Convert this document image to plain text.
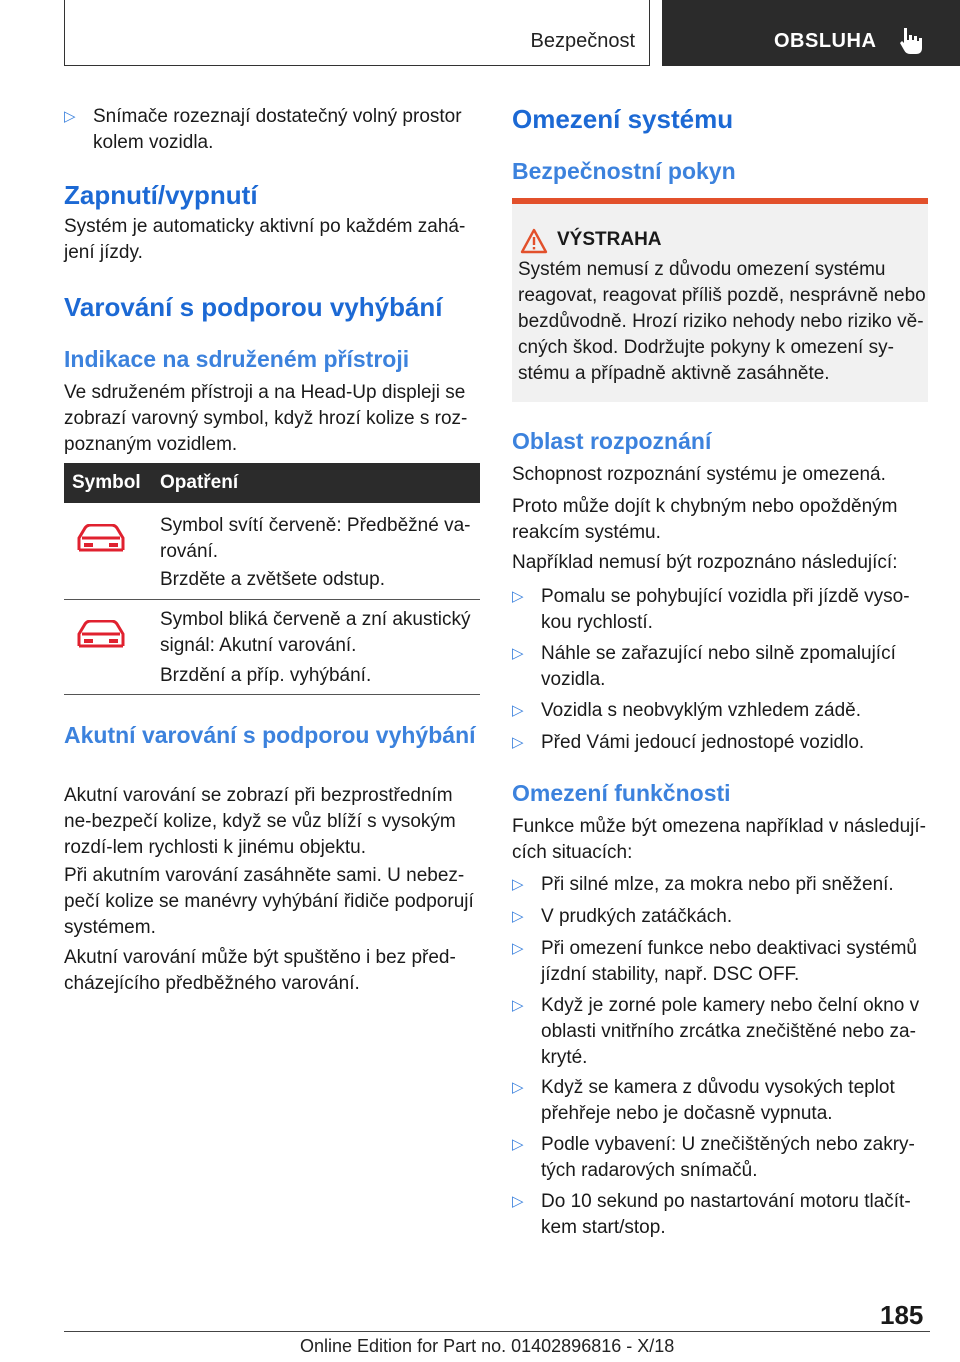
Bezpečnost	OBSLUHA
▷ Snímače rozeznají dostatečný volný prostor kolem vozidla.
Zapnutí/vypnutí
Systém je automaticky aktivní po každém zahá-jení jízdy.
Varování s podporou vyhýbání
Indikace na sdruženém přístroji
Ve sdruženém přístroji a na Head-Up displeji se zobrazí varovný symbol, když hrozí kolize s roz-poznaným vozidlem.
Symbol Opatření
Symbol svítí červeně: Předběžné va-rování.
Brzděte a zvětšete odstup.
Symbol bliká červeně a zní akustický signál: Akutní varování.
Brzdění a příp. vyhýbání.
Akutní varování s podporou vyhýbání
Akutní varování se zobrazí při bezprostředním ne-bezpečí kolize, když se vůz blíží s vysokým rozdí-lem rychlosti k jinému objektu.
Při akutním varování zasáhněte sami. U nebez-pečí kolize se manévry vyhýbání řidiče podporují systémem.
Akutní varování může být spuštěno i bez před-cházejícího předběžného varování.
Omezení systému
Bezpečnostní pokyn
VÝSTRAHA
Systém nemusí z důvodu omezení systému reagovat, reagovat příliš pozdě, nesprávně nebo bezdůvodně. Hrozí riziko nehody nebo riziko vě-cných škod. Dodržujte pokyny k omezení sy-stému a případně aktivně zasáhněte.
Oblast rozpoznání
Schopnost rozpoznání systému je omezená.
Proto může dojít k chybným nebo opožděným reakcím systému.
Například nemusí být rozpoznáno následující:
▷ Pomalu se pohybující vozidla při jízdě vyso-kou rychlostí.
▷ Náhle se zařazující nebo silně zpomalující vozidla.
▷ Vozidla s neobvyklým vzhledem zádě.
▷ Před Vámi jedoucí jednostopé vozidlo.
Omezení funkčnosti
Funkce může být omezena například v následují-cích situacích:
▷ Při silné mlze, za mokra nebo při sněžení.
▷ V prudkých zatáčkách.
▷ Při omezení funkce nebo deaktivaci systémů jízdní stability, např. DSC OFF.
▷ Když je zorné pole kamery nebo čelní okno v oblasti vnitřního zrcátka znečištěné nebo za-kryté.
▷ Když se kamera z důvodu vysokých teplot přehřeje nebo je dočasně vypnuta.
▷ Podle vybavení: U znečištěných nebo zakry-tých radarových snímačů.
▷ Do 10 sekund po nastartování motoru tlačít-kem start/stop.
185
Online Edition for Part no. 01402896816 - X/18
